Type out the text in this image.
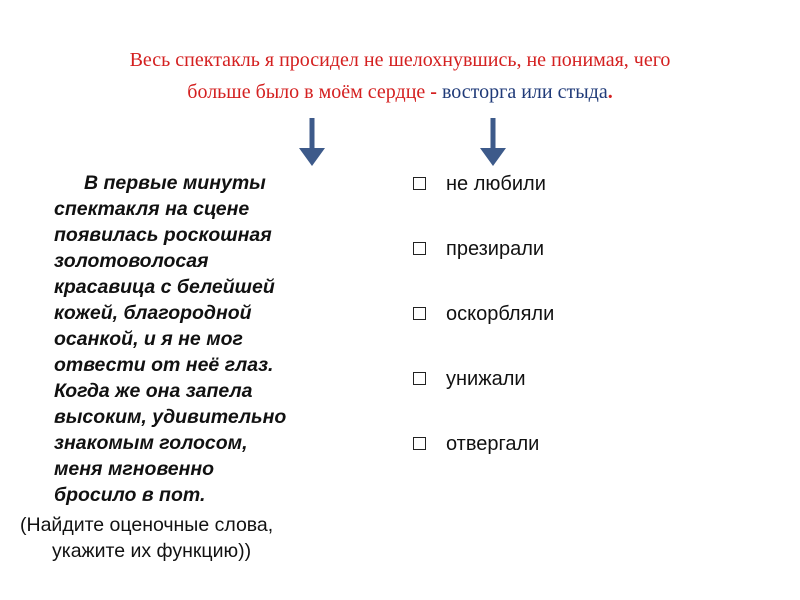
Весь спектакль я просидел не шелохнувшись, не понимая, чего
больше было в моём сердце - восторга или стыда.
В первые минуты
спектакля на сцене
появилась роскошная
золотоволосая
красавица с белейшей
кожей, благородной
осанкой, и я не мог
отвести от неё глаз.
Когда же она запела
высоким, удивительно
знакомым голосом,
меня мгновенно
бросило в пот.
(Найдите оценочные слова,
укажите их функцию))
не любили
презирали
оскорбляли
унижали
отвергали
